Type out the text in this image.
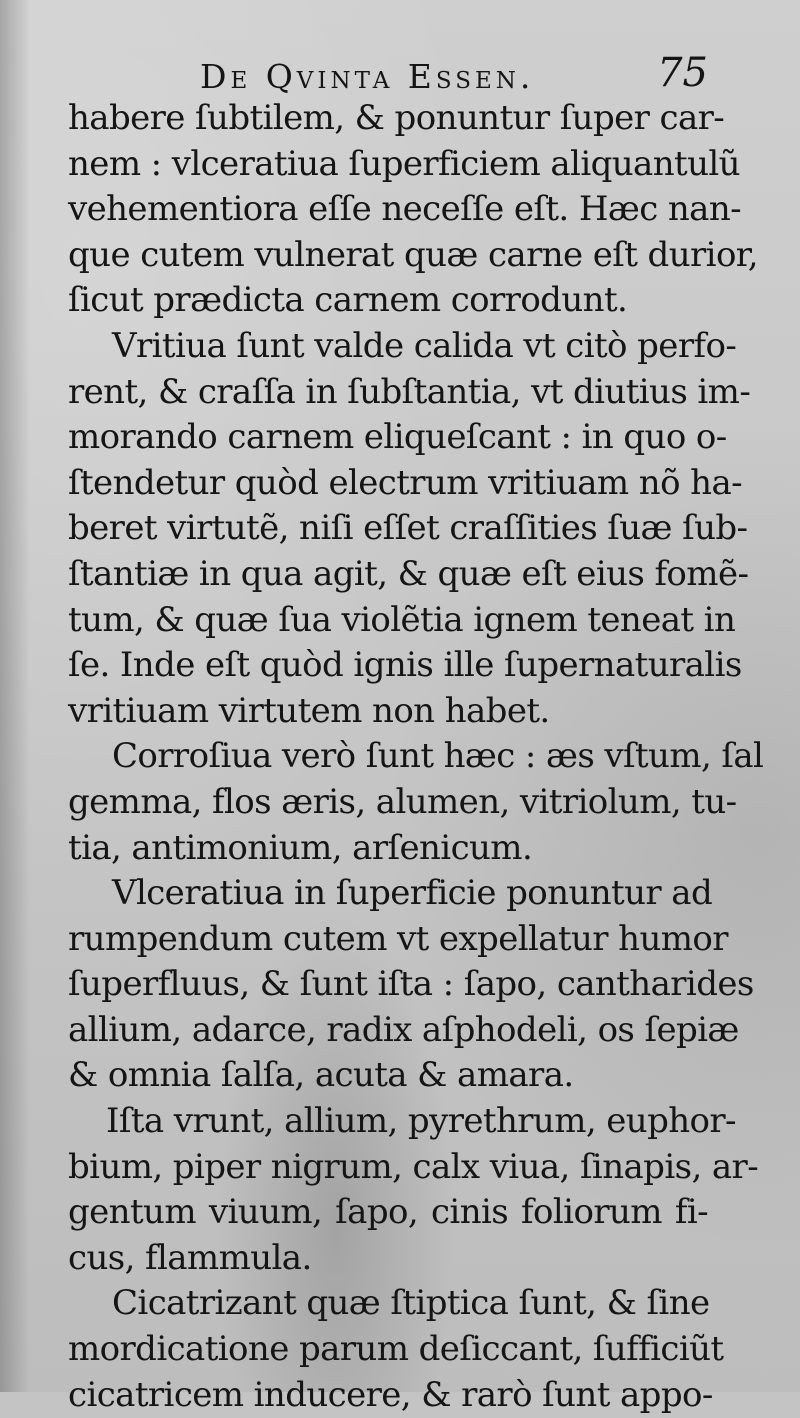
De Qvinta Essen.	75
habere ſubtilem, & ponuntur ſuper car-
nem : vlceratiua ſuperficiem aliquantulũ
vehementiora eſſe neceſſe eſt. Hæc nan-
que cutem vulnerat quæ carne eſt durior,
ſicut prædicta carnem corrodunt.
Vritiua ſunt valde calida vt citò perfo-
rent, & craſſa in ſubſtantia, vt diutius im-
morando carnem eliqueſcant : in quo o-
ſtendetur quòd electrum vritiuam nõ ha-
beret virtutẽ, niſi eſſet craſſities ſuæ ſub-
ſtantiæ in qua agit, & quæ eſt eius fomẽ-
tum, & quæ ſua violẽtia ignem teneat in
ſe. Inde eſt quòd ignis ille ſupernaturalis
vritiuam virtutem non habet.
Corroſiua verò ſunt hæc : æs vſtum, ſal
gemma, flos æris, alumen, vitriolum, tu-
tia, antimonium, arſenicum.
Vlceratiua in ſuperficie ponuntur ad
rumpendum cutem vt expellatur humor
ſuperfluus, & ſunt iſta : ſapo, cantharides
allium, adarce, radix aſphodeli, os ſepiæ
& omnia ſalſa, acuta & amara.
Iſta vrunt, allium, pyrethrum, euphor-
bium, piper nigrum, calx viua, ſinapis, ar-
gentum viuum, ſapo, cinis foliorum fi-
cus, flammula.
Cicatrizant quæ ſtiptica ſunt, & ſine
mordicatione parum deſiccant, ſufficiũt
cicatricem inducere, & rarò ſunt appo-
